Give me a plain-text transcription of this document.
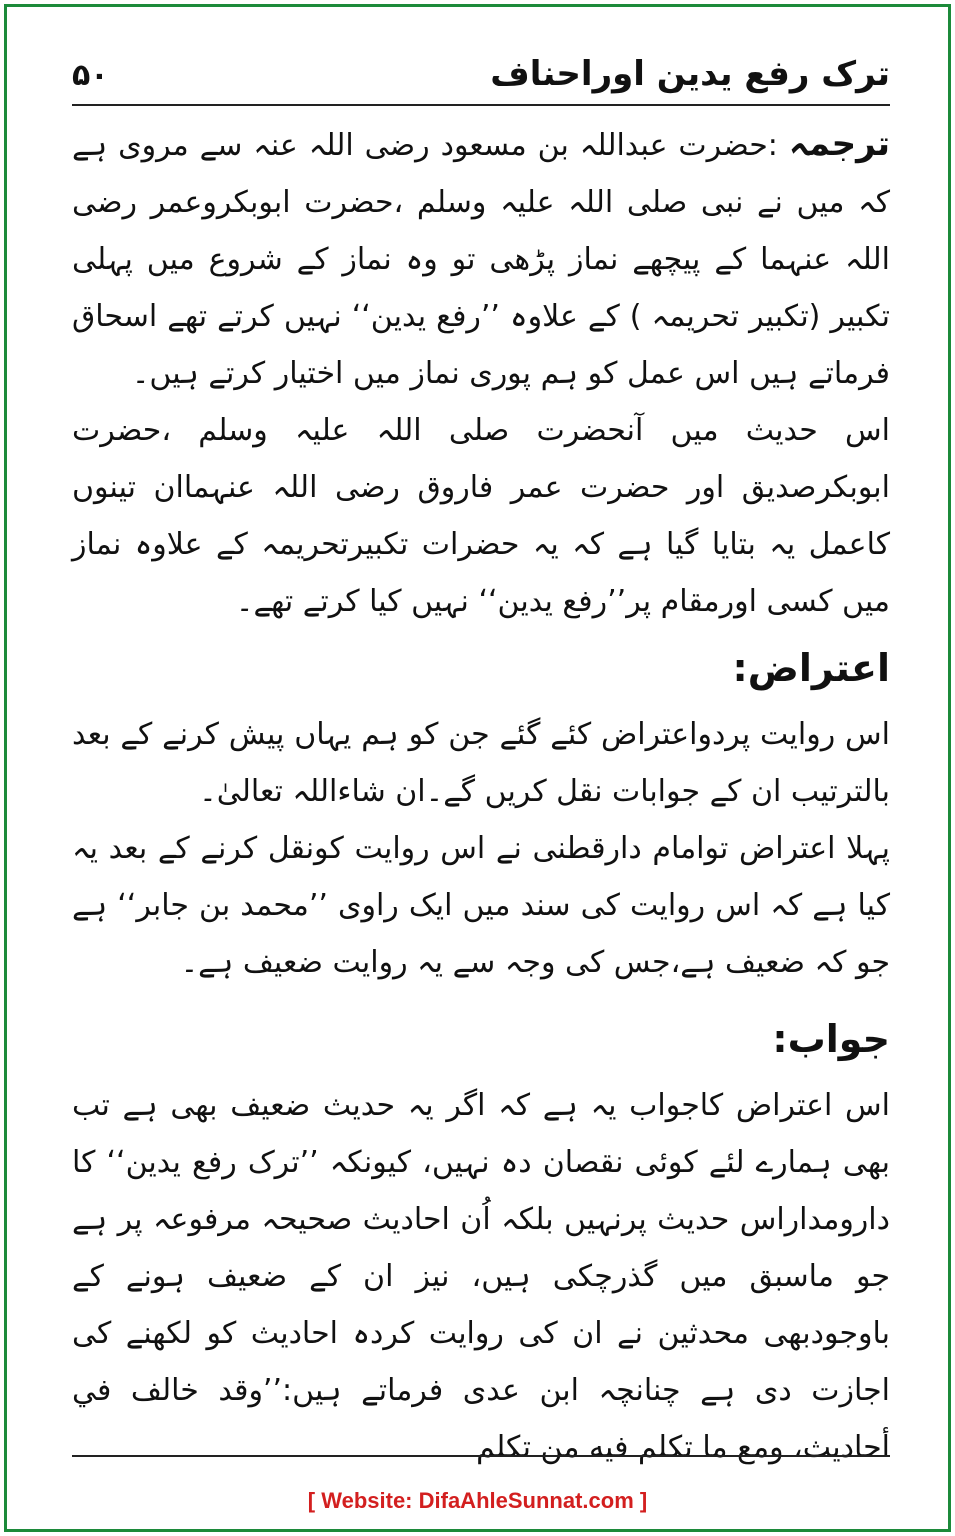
ترک رفع یدین اوراحناف
۵۰

ترجمہ :حضرت عبداللہ بن مسعود رضی اللہ عنہ سے مروی ہے کہ میں نے نبی صلی اللہ علیہ وسلم ،حضرت ابوبکروعمر رضی اللہ عنہما کے پیچھے نماز پڑھی تو وہ نماز کے شروع میں پہلی تکبیر (تکبیر تحریمہ ) کے علاوہ ’’رفع یدین‘‘ نہیں کرتے تھے اسحاق فرماتے ہیں اس عمل کو ہم پوری نماز میں اختیار کرتے ہیں۔

اس حدیث میں آنحضرت صلی اللہ علیہ وسلم ،حضرت ابوبکرصدیق اور حضرت عمر فاروق رضی اللہ عنہماان تینوں کاعمل یہ بتایا گیا ہے کہ یہ حضرات تکبیرتحریمہ کے علاوہ نماز میں کسی اورمقام پر’’رفع یدین‘‘ نہیں کیا کرتے تھے۔

اعتراض:

اس روایت پردواعتراض کئے گئے جن کو ہم یہاں پیش کرنے کے بعد بالترتیب ان کے جوابات نقل کریں گے۔ان شاءاللہ تعالیٰ۔

پہلا اعتراض توامام دارقطنی نے اس روایت کونقل کرنے کے بعد یہ کیا ہے کہ اس روایت کی سند میں ایک راوی ’’محمد بن جابر‘‘ ہے جو کہ ضعیف ہے،جس کی وجہ سے یہ روایت ضعیف ہے۔

جواب:

اس اعتراض کاجواب یہ ہے کہ اگر یہ حدیث ضعیف بھی ہے تب بھی ہمارے لئے کوئی نقصان دہ نہیں، کیونکہ ’’ترک رفع یدین‘‘ کا دارومداراس حدیث پرنہیں بلکہ اُن احادیث صحیحہ مرفوعہ پر ہے جو ماسبق میں گذرچکی ہیں، نیز ان کے ضعیف ہونے کے باوجودبھی محدثین نے ان کی روایت کردہ احادیث کو لکھنے کی اجازت دی ہے چنانچہ ابن عدی فرماتے ہیں:’’وقد خالف في أحاديث، ومع ما تكلم فيه من تكلم

[ Website: DifaAhleSunnat.com ]
